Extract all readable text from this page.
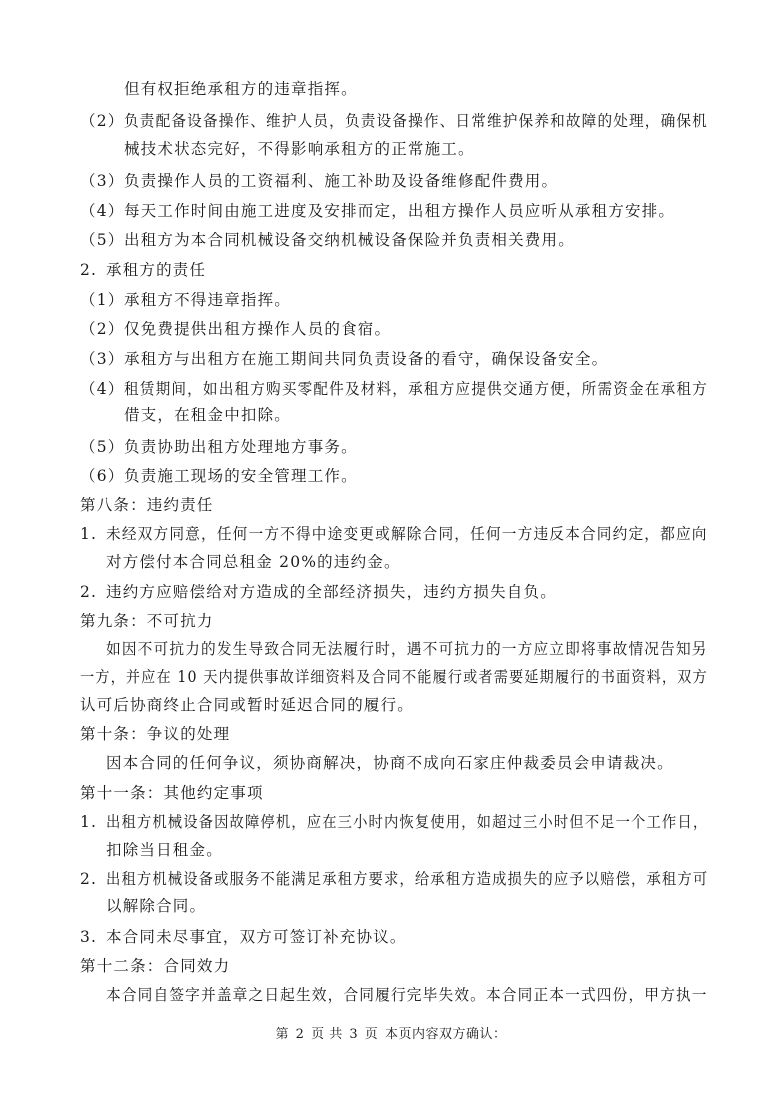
但有权拒绝承租方的违章指挥。
（2） 负责配备设备操作、维护人员，负责设备操作、日常维护保养和故障的处理，确保机
械技术状态完好，不得影响承租方的正常施工。
（3） 负责操作人员的工资福利、施工补助及设备维修配件费用。
（4） 每天工作时间由施工进度及安排而定，出租方操作人员应听从承租方安排。
（5） 出租方为本合同机械设备交纳机械设备保险并负责相关费用。
2. 承租方的责任
（1） 承租方不得违章指挥。
（2） 仅免费提供出租方操作人员的食宿。
（3） 承租方与出租方在施工期间共同负责设备的看守，确保设备安全。
（4） 租赁期间，如出租方购买零配件及材料，承租方应提供交通方便，所需资金在承租方
借支，在租金中扣除。
（5） 负责协助出租方处理地方事务。
（6） 负责施工现场的安全管理工作。
第八条：违约责任
1. 未经双方同意，任何一方不得中途变更或解除合同，任何一方违反本合同约定，都应向
对方偿付本合同总租金 20%的违约金。
2. 违约方应赔偿给对方造成的全部经济损失，违约方损失自负。
第九条：不可抗力
如因不可抗力的发生导致合同无法履行时，遇不可抗力的一方应立即将事故情况告知另
一方，并应在 10 天内提供事故详细资料及合同不能履行或者需要延期履行的书面资料，双方
认可后协商终止合同或暂时延迟合同的履行。
第十条：争议的处理
因本合同的任何争议，须协商解决，协商不成向石家庄仲裁委员会申请裁决。
第十一条：其他约定事项
1. 出租方机械设备因故障停机，应在三小时内恢复使用，如超过三小时但不足一个工作日，
扣除当日租金。
2. 出租方机械设备或服务不能满足承租方要求，给承租方造成损失的应予以赔偿，承租方可
以解除合同。
3. 本合同未尽事宜，双方可签订补充协议。
第十二条：合同效力
本合同自签字并盖章之日起生效，合同履行完毕失效。本合同正本一式四份，甲方执一
第 2 页 共 3 页 本页内容双方确认：
